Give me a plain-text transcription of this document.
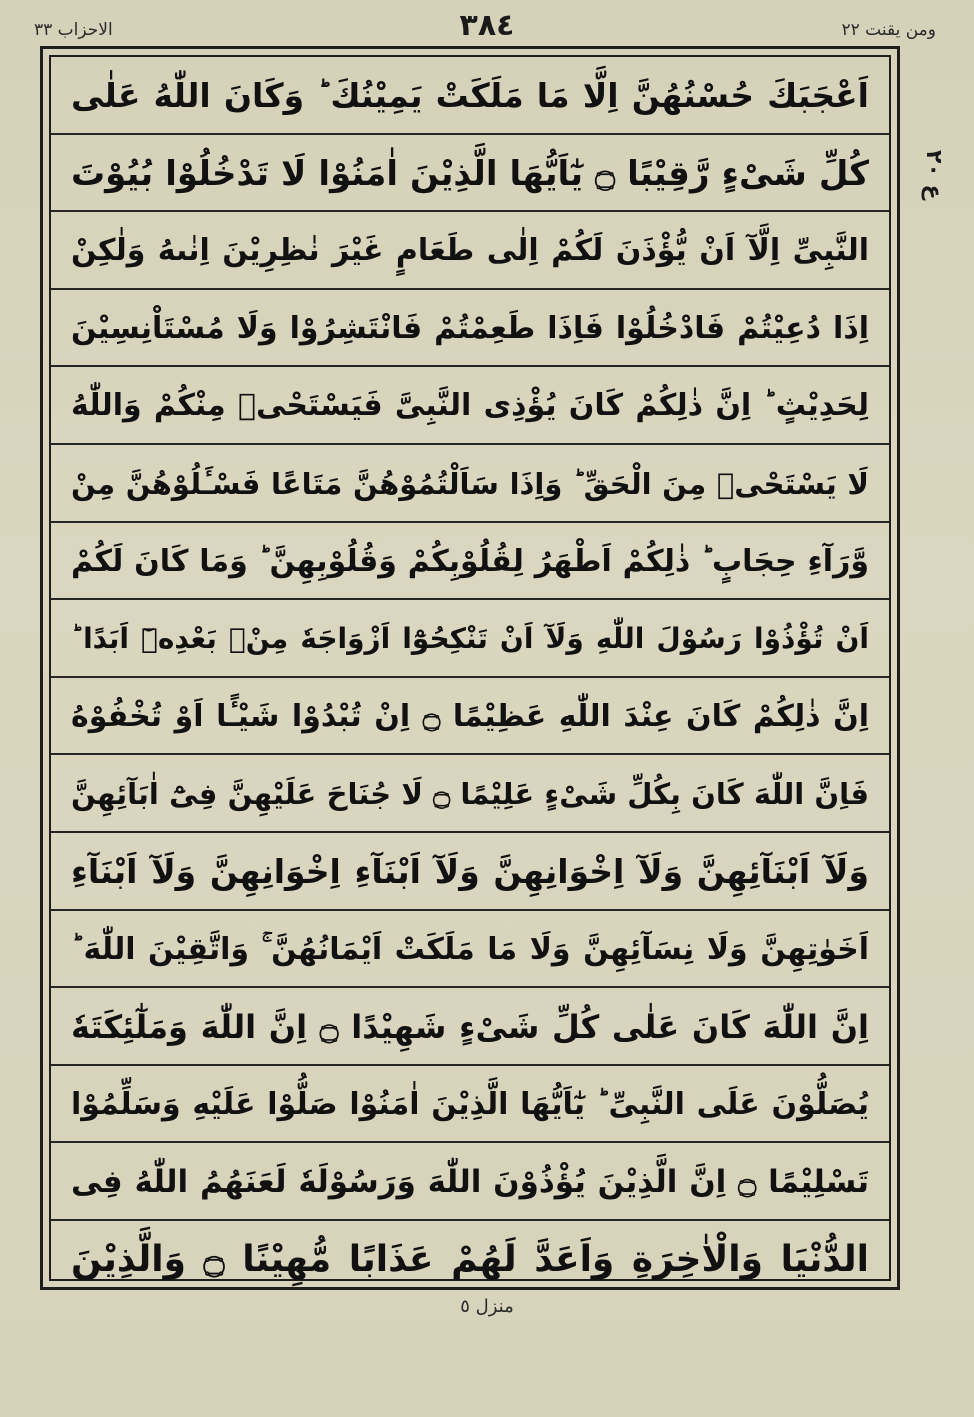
ومن يقنت ٢٢
٣٨٤
الاحزاب ٣٣
اَعْجَبَكَ حُسْنُهُنَّ اِلَّا مَا مَلَكَتْ يَمِيْنُكَ ؕ وَكَانَ اللّٰهُ عَلٰى
كُلِّ شَىْءٍ رَّقِيْبًا ۝ يٰٓاَيُّهَا الَّذِيْنَ اٰمَنُوْا لَا تَدْخُلُوْا بُيُوْتَ
النَّبِىِّ اِلَّآ اَنْ يُّؤْذَنَ لَكُمْ اِلٰى طَعَامٍ غَيْرَ نٰظِرِيْنَ اِنٰىهُ وَلٰكِنْ
اِذَا دُعِيْتُمْ فَادْخُلُوْا فَاِذَا طَعِمْتُمْ فَانْتَشِرُوْا وَلَا مُسْتَاْنِسِيْنَ
لِحَدِيْثٍ ؕ اِنَّ ذٰلِكُمْ كَانَ يُؤْذِى النَّبِىَّ فَيَسْتَحْىٖ مِنْكُمْ وَاللّٰهُ
لَا يَسْتَحْىٖ مِنَ الْحَقِّ ؕ وَاِذَا سَاَلْتُمُوْهُنَّ مَتَاعًا فَسْـَٔلُوْهُنَّ مِنْ
وَّرَآءِ حِجَابٍ ؕ ذٰلِكُمْ اَطْهَرُ لِقُلُوْبِكُمْ وَقُلُوْبِهِنَّ ؕ وَمَا كَانَ لَكُمْ
اَنْ تُؤْذُوْا رَسُوْلَ اللّٰهِ وَلَآ اَنْ تَنْكِحُوْٓا اَزْوَاجَهٗ مِنْۢ بَعْدِهٖٓ اَبَدًا ؕ
اِنَّ ذٰلِكُمْ كَانَ عِنْدَ اللّٰهِ عَظِيْمًا ۝ اِنْ تُبْدُوْا شَيْـًٔا اَوْ تُخْفُوْهُ
فَاِنَّ اللّٰهَ كَانَ بِكُلِّ شَىْءٍ عَلِيْمًا ۝ لَا جُنَاحَ عَلَيْهِنَّ فِىْٓ اٰبَآئِهِنَّ
وَلَآ اَبْنَآئِهِنَّ وَلَآ اِخْوَانِهِنَّ وَلَآ اَبْنَآءِ اِخْوَانِهِنَّ وَلَآ اَبْنَآءِ
اَخَوٰتِهِنَّ وَلَا نِسَآئِهِنَّ وَلَا مَا مَلَكَتْ اَيْمَانُهُنَّ ۚ وَاتَّقِيْنَ اللّٰهَ ؕ
اِنَّ اللّٰهَ كَانَ عَلٰى كُلِّ شَىْءٍ شَهِيْدًا ۝ اِنَّ اللّٰهَ وَمَلٰٓئِكَتَهٗ
يُصَلُّوْنَ عَلَى النَّبِىِّ ؕ يٰٓاَيُّهَا الَّذِيْنَ اٰمَنُوْا صَلُّوْا عَلَيْهِ وَسَلِّمُوْا
تَسْلِيْمًا ۝ اِنَّ الَّذِيْنَ يُؤْذُوْنَ اللّٰهَ وَرَسُوْلَهٗ لَعَنَهُمُ اللّٰهُ فِى
الدُّنْيَا وَالْاٰخِرَةِ وَاَعَدَّ لَهُمْ عَذَابًا مُّهِيْنًا ۝ وَالَّذِيْنَ
ع ٢٠
منزل ٥
